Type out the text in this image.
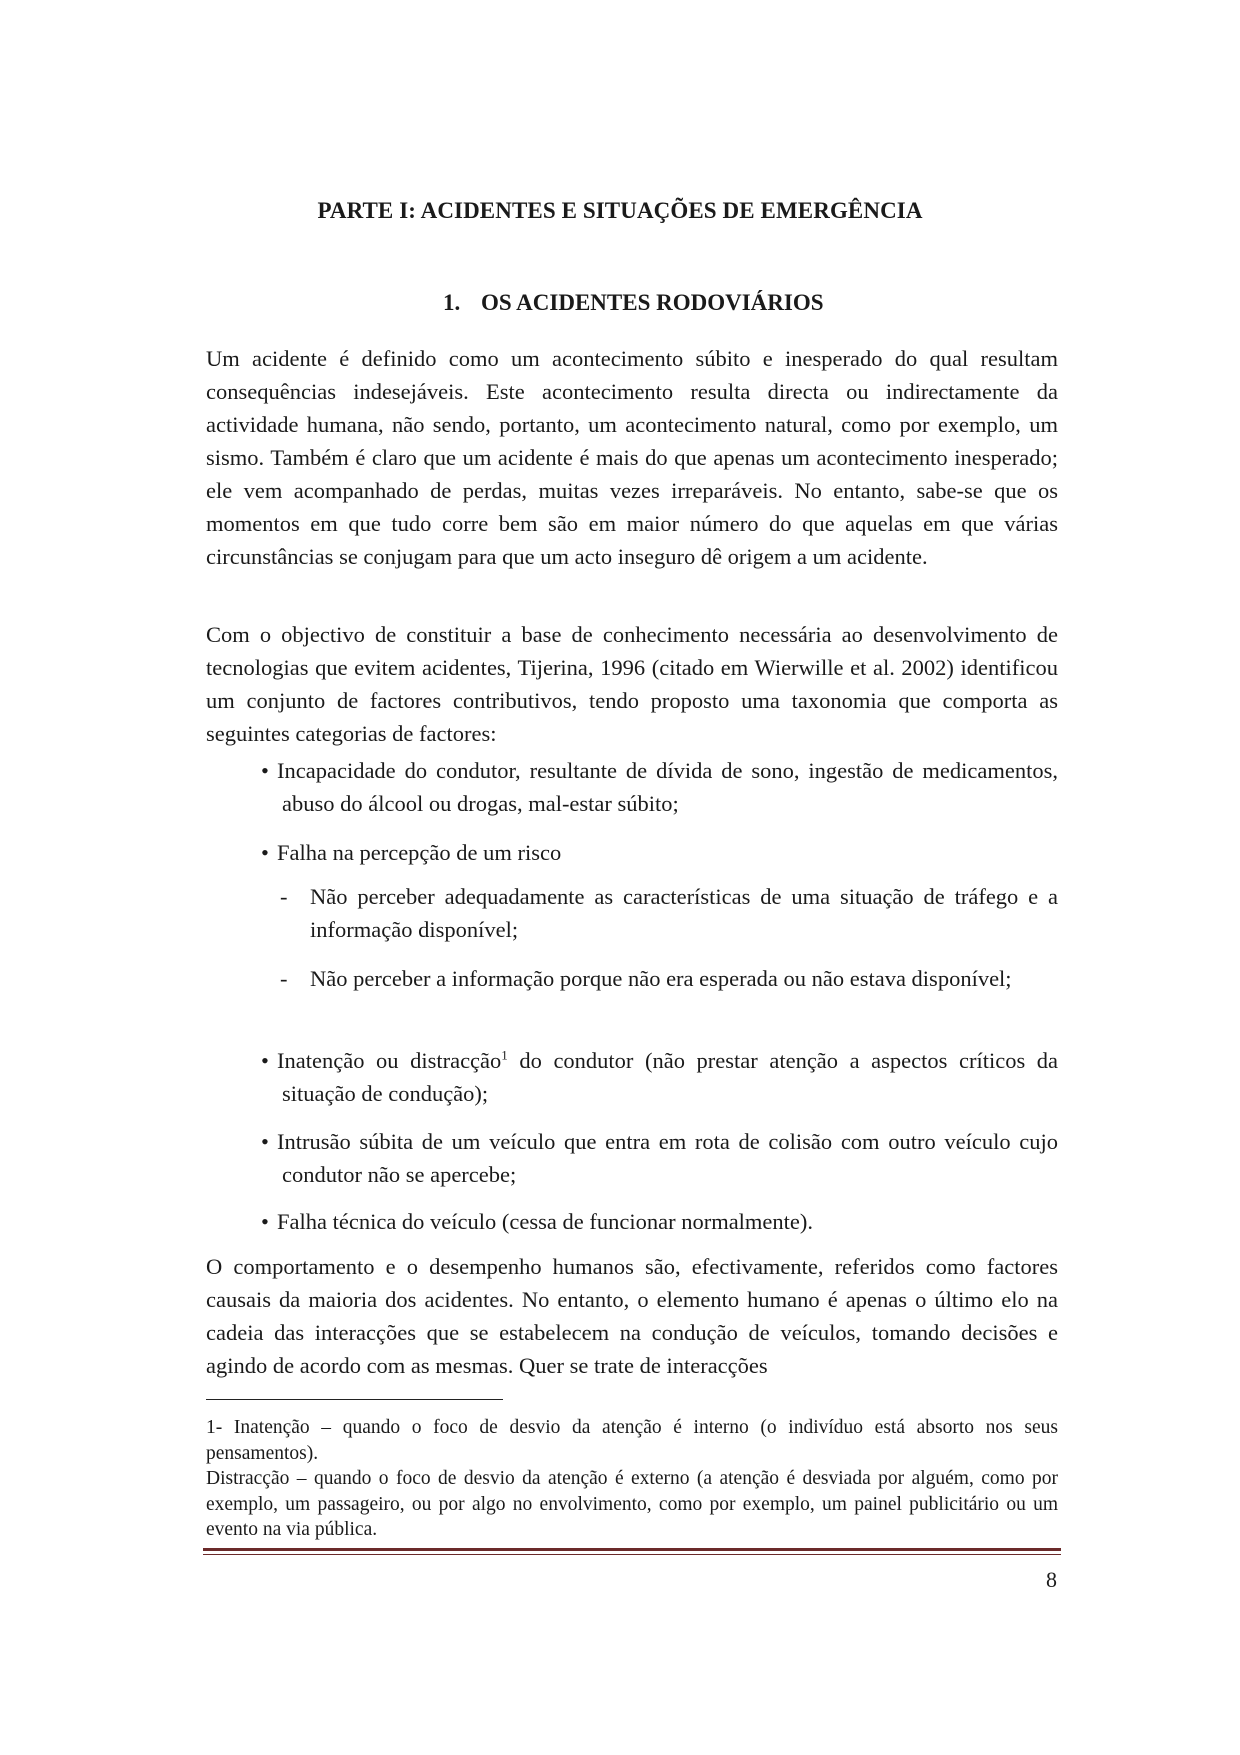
PARTE I: ACIDENTES E SITUAÇÕES DE EMERGÊNCIA
1. OS ACIDENTES RODOVIÁRIOS

Um acidente é definido como um acontecimento súbito e inesperado do qual resultam consequências indesejáveis. Este acontecimento resulta directa ou indirectamente da actividade humana, não sendo, portanto, um acontecimento natural, como por exemplo, um sismo. Também é claro que um acidente é mais do que apenas um acontecimento inesperado; ele vem acompanhado de perdas, muitas vezes irreparáveis. No entanto, sabe-se que os momentos em que tudo corre bem são em maior número do que aquelas em que várias circunstâncias se conjugam para que um acto inseguro dê origem a um acidente.

Com o objectivo de constituir a base de conhecimento necessária ao desenvolvimento de tecnologias que evitem acidentes, Tijerina, 1996 (citado em Wierwille et al. 2002) identificou um conjunto de factores contributivos, tendo proposto uma taxonomia que comporta as seguintes categorias de factores:

• Incapacidade do condutor, resultante de dívida de sono, ingestão de medicamentos, abuso do álcool ou drogas, mal-estar súbito;
• Falha na percepção de um risco

- Não perceber adequadamente as características de uma situação de tráfego e a informação disponível;

- Não perceber a informação porque não era esperada ou não estava disponível;

• Inatenção ou distracção$^1$ do condutor (não prestar atenção a aspectos críticos da situação de condução);
• Intrusão súbita de um veículo que entra em rota de colisão com outro veículo cujo condutor não se apercebe;
• Falha técnica do veículo (cessa de funcionar normalmente).

O comportamento e o desempenho humanos são, efectivamente, referidos como factores causais da maioria dos acidentes. No entanto, o elemento humano é apenas o último elo na cadeia das interacções que se estabelecem na condução de veículos, tomando decisões e agindo de acordo com as mesmas. Quer se trate de interacções

1- Inatenção – quando o foco de desvio da atenção é interno (o indivíduo está absorto nos seus pensamentos).

Distracção – quando o foco de desvio da atenção é externo (a atenção é desviada por alguém, como por exemplo, um passageiro, ou por algo no envolvimento, como por exemplo, um painel publicitário ou um evento na via pública.

8
